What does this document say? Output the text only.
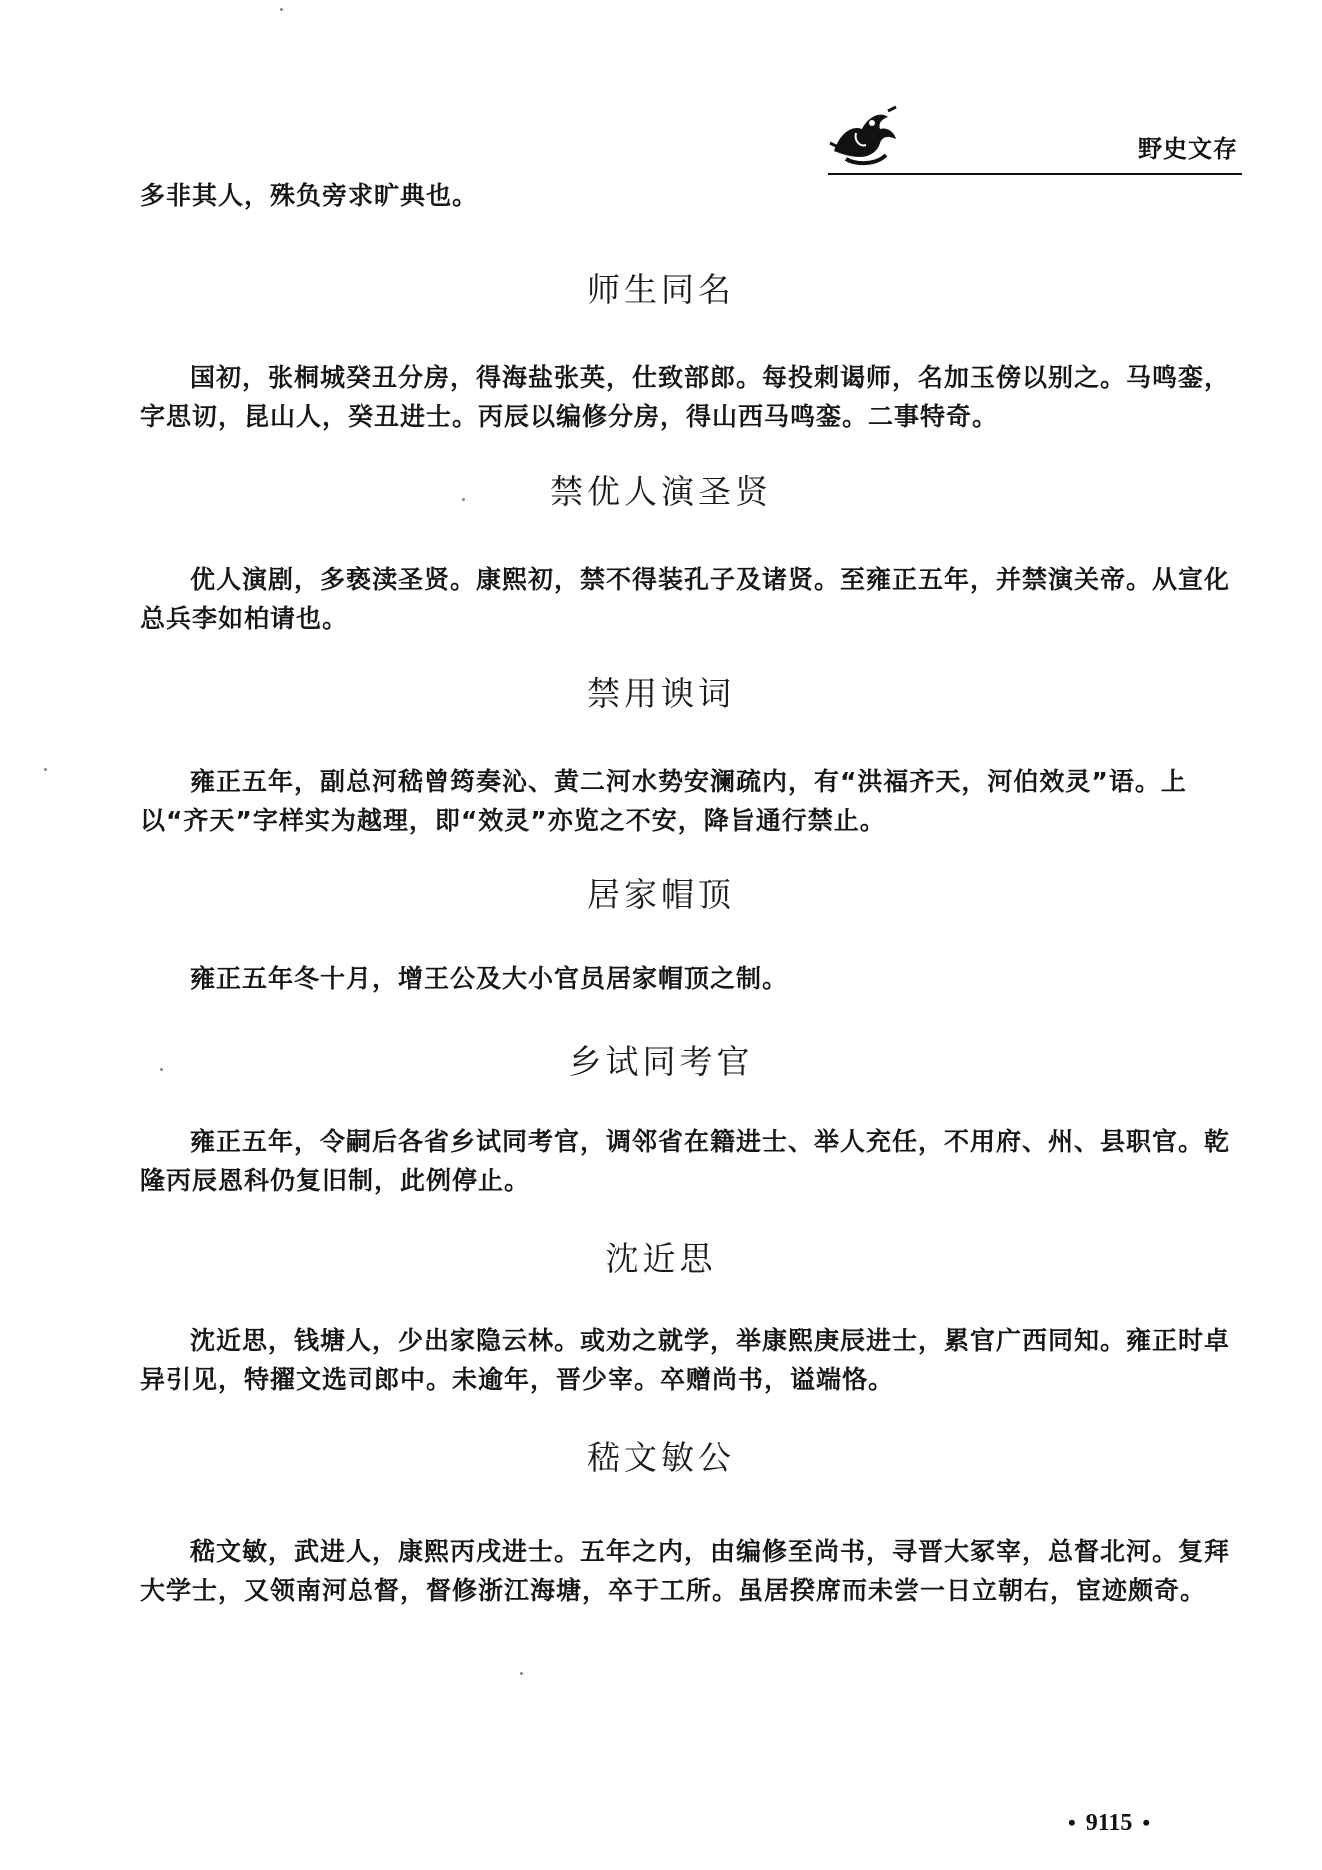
野史文存

多非其人，殊负旁求旷典也。

师生同名

国初，张桐城癸丑分房，得海盐张英，仕致部郎。每投刺谒师，名加玉傍以别之。马鸣銮，字思讱，昆山人，癸丑进士。丙辰以编修分房，得山西马鸣銮。二事特奇。

禁优人演圣贤

优人演剧，多亵渎圣贤。康熙初，禁不得装孔子及诸贤。至雍正五年，并禁演关帝。从宣化总兵李如柏请也。

禁用谀词

雍正五年，副总河嵇曾筠奏沁、黄二河水势安澜疏内，有“洪福齐天，河伯效灵”语。上以“齐天”字样实为越理，即“效灵”亦览之不安，降旨通行禁止。

居家帽顶

雍正五年冬十月，增王公及大小官员居家帽顶之制。

乡试同考官

雍正五年，令嗣后各省乡试同考官，调邻省在籍进士、举人充任，不用府、州、县职官。乾隆丙辰恩科仍复旧制，此例停止。

沈近思

沈近思，钱塘人，少出家隐云林。或劝之就学，举康熙庚辰进士，累官广西同知。雍正时卓异引见，特擢文选司郎中。未逾年，晋少宰。卒赠尚书，谥端恪。

嵇文敏公

嵇文敏，武进人，康熙丙戌进士。五年之内，由编修至尚书，寻晋大冢宰，总督北河。复拜大学士，又领南河总督，督修浙江海塘，卒于工所。虽居揆席而未尝一日立朝右，宦迹颇奇。

• 9115 •
